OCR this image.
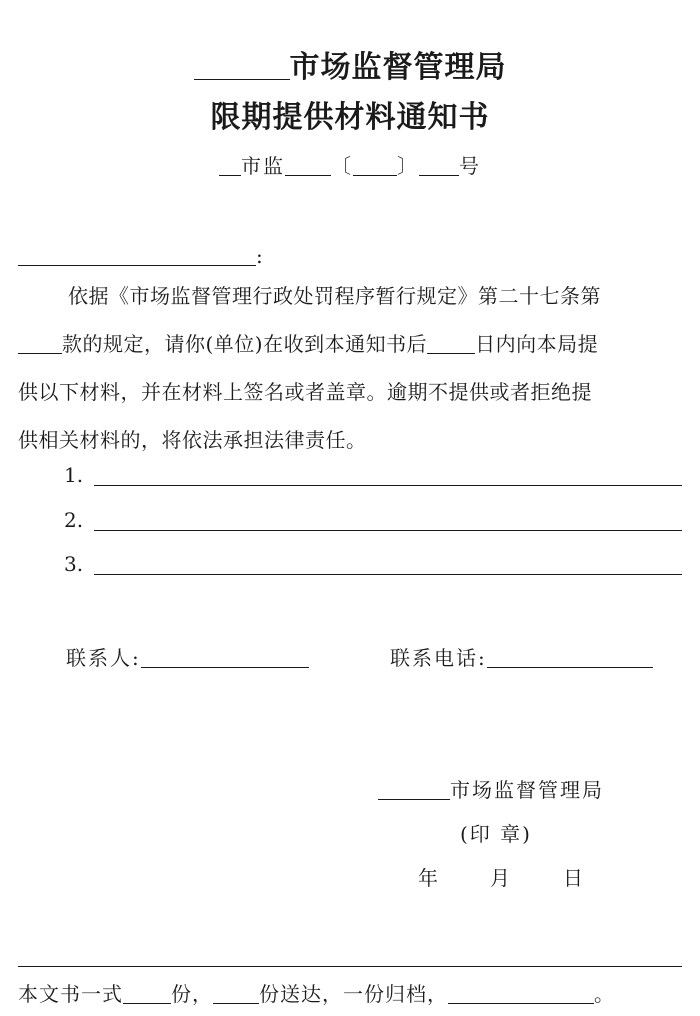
市场监督管理局
限期提供材料通知书
市监 〔 〕 号
:
依据《市场监督管理行政处罚程序暂行规定》第二十七条第
款的规定，请你(单位)在收到本通知书后 日内向本局提
供以下材料，并在材料上签名或者盖章。逾期不提供或者拒绝提
供相关材料的，将依法承担法律责任。
1.
2.
3.
联系人:	联系电话:
市场监督管理局
(印 章)
年	月	日
本文书一式 份， 份送达，一份归档，	。
